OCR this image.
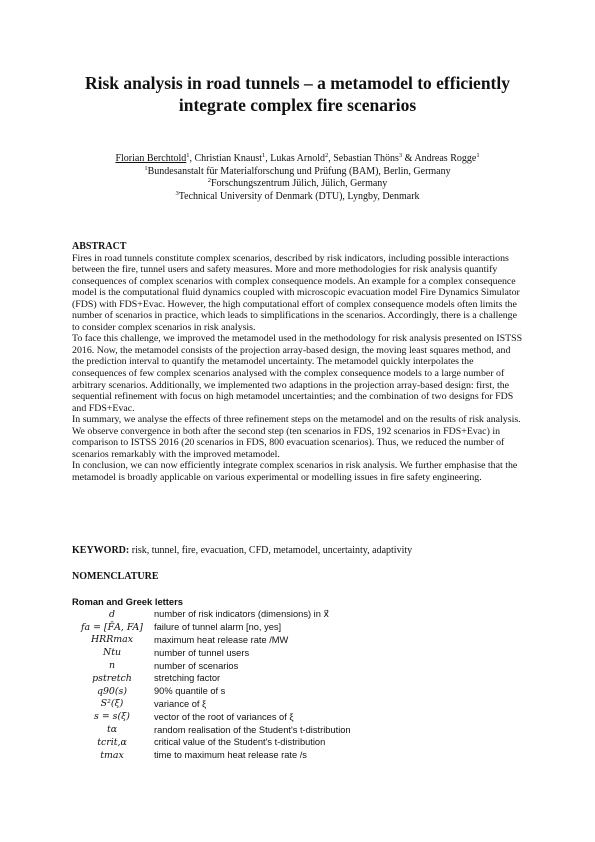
Risk analysis in road tunnels – a metamodel to efficiently integrate complex fire scenarios
Florian Berchtold$^1$, Christian Knaust$^1$, Lukas Arnold$^2$, Sebastian Thöns$^3$ & Andreas Rogge$^1$
$^1$Bundesanstalt für Materialforschung und Prüfung (BAM), Berlin, Germany
$^2$Forschungszentrum Jülich, Jülich, Germany
$^3$Technical University of Denmark (DTU), Lyngby, Denmark
ABSTRACT

Fires in road tunnels constitute complex scenarios, described by risk indicators, including possible interactions between the fire, tunnel users and safety measures. More and more methodologies for risk analysis quantify consequences of complex scenarios with complex consequence models. An example for a complex consequence model is the computational fluid dynamics coupled with microscopic evacuation model Fire Dynamics Simulator (FDS) with FDS+Evac. However, the high computational effort of complex consequence models often limits the number of scenarios in practice, which leads to simplifications in the scenarios. Accordingly, there is a challenge to consider complex scenarios in risk analysis.

To face this challenge, we improved the metamodel used in the methodology for risk analysis presented on ISTSS 2016. Now, the metamodel consists of the projection array-based design, the moving least squares method, and the prediction interval to quantify the metamodel uncertainty. The metamodel quickly interpolates the consequences of few complex scenarios analysed with the complex consequence models to a large number of arbitrary scenarios. Additionally, we implemented two adaptions in the projection array-based design: first, the sequential refinement with focus on high metamodel uncertainties; and the combination of two designs for FDS and FDS+Evac.

In summary, we analyse the effects of three refinement steps on the metamodel and on the results of risk analysis. We observe convergence in both after the second step (ten scenarios in FDS, 192 scenarios in FDS+Evac) in comparison to ISTSS 2016 (20 scenarios in FDS, 800 evacuation scenarios). Thus, we reduced the number of scenarios remarkably with the improved metamodel.

In conclusion, we can now efficiently integrate complex scenarios in risk analysis. We further emphasise that the metamodel is broadly applicable on various experimental or modelling issues in fire safety engineering.

KEYWORD: risk, tunnel, fire, evacuation, CFD, metamodel, uncertainty, adaptivity
NOMENCLATURE
Roman and Greek letters
d	number of risk indicators (dimensions) in x⃗
fa = [F̄A, FA]	failure of tunnel alarm [no, yes]
HRRmax	maximum heat release rate /MW
Ntu	number of tunnel users
n	number of scenarios
pstretch	stretching factor
q90(s)	90% quantile of s
S²(ξ)	variance of ξ
s = s(ξ)	vector of the root of variances of ξ
tα	random realisation of the Student's t-distribution
tcrit,α	critical value of the Student's t-distribution
tmax	time to maximum heat release rate /s
